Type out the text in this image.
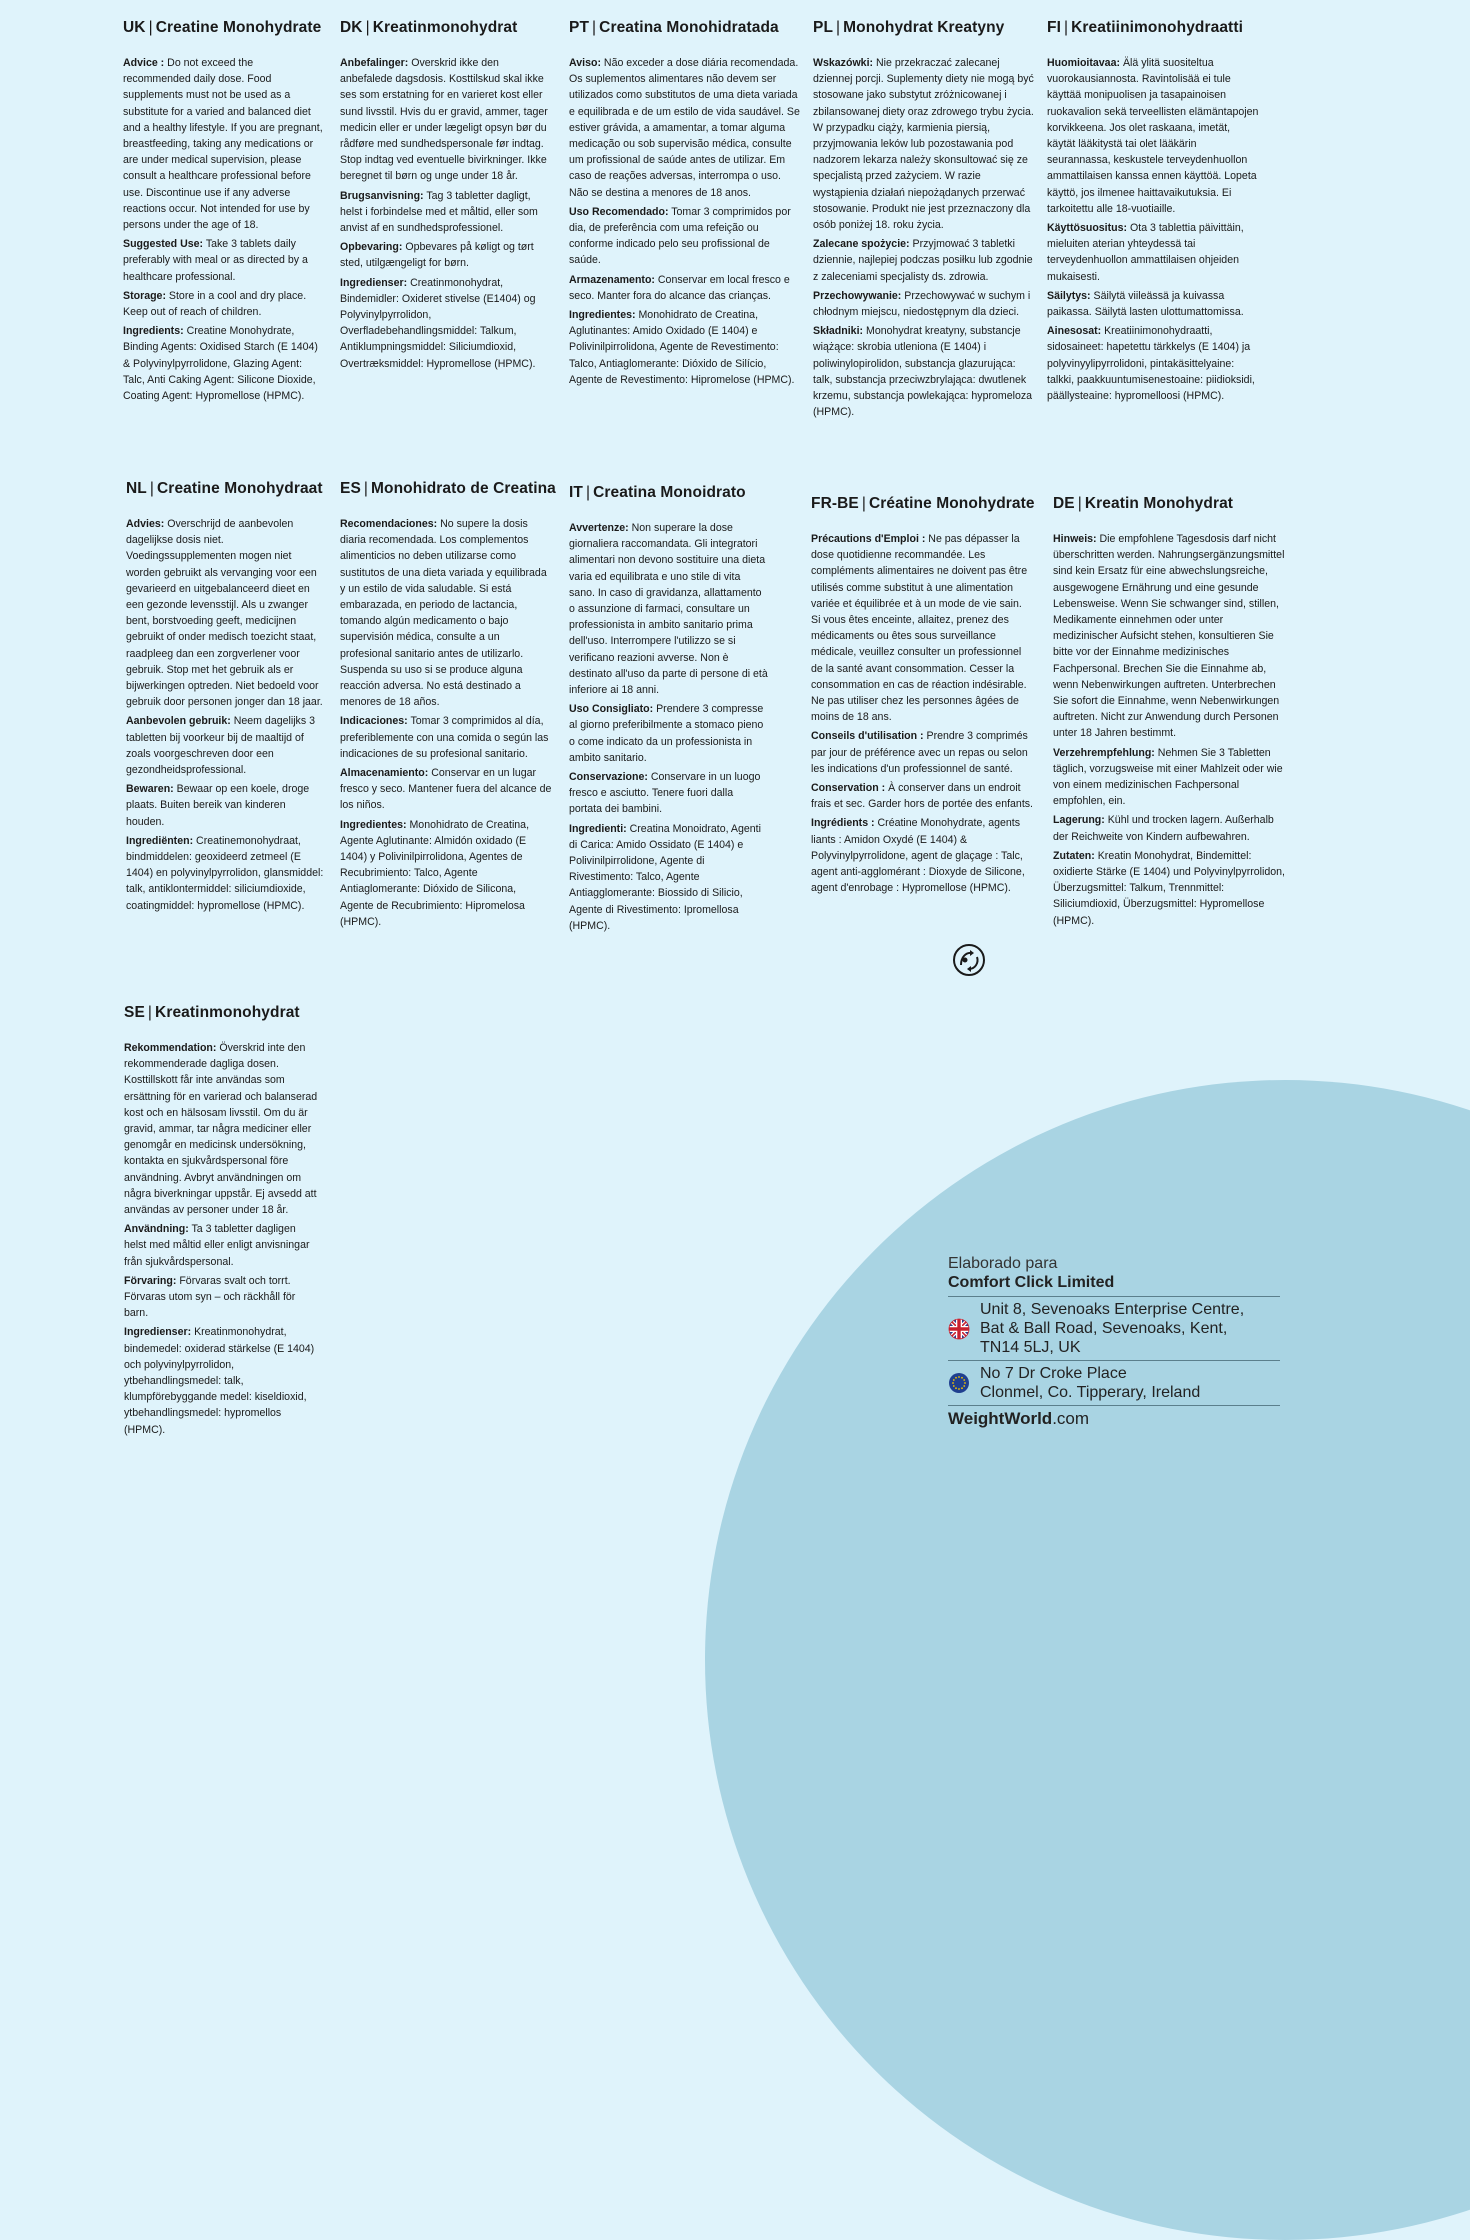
UK | Creatine Monohydrate
Advice : Do not exceed the recommended daily dose. Food supplements must not be used as a substitute for a varied and balanced diet and a healthy lifestyle. If you are pregnant, breastfeeding, taking any medications or are under medical supervision, please consult a healthcare professional before use. Discontinue use if any adverse reactions occur. Not intended for use by persons under the age of 18.
Suggested Use: Take 3 tablets daily preferably with meal or as directed by a healthcare professional.
Storage: Store in a cool and dry place. Keep out of reach of children.
Ingredients: Creatine Monohydrate, Binding Agents: Oxidised Starch (E 1404) & Polyvinylpyrrolidone, Glazing Agent: Talc, Anti Caking Agent: Silicone Dioxide, Coating Agent: Hypromellose (HPMC).
DK | Kreatinmonohydrat
Anbefalinger: Overskrid ikke den anbefalede dagsdosis. Kosttilskud skal ikke ses som erstatning for en varieret kost eller sund livsstil. Hvis du er gravid, ammer, tager medicin eller er under lægeligt opsyn bør du rådføre med sundhedspersonale før indtag. Stop indtag ved eventuelle bivirkninger. Ikke beregnet til børn og unge under 18 år.
Brugsanvisning: Tag 3 tabletter dagligt, helst i forbindelse med et måltid, eller som anvist af en sundhedsprofessionel.
Opbevaring: Opbevares på køligt og tørt sted, utilgængeligt for børn.
Ingredienser: Creatinmonohydrat, Bindemidler: Oxideret stivelse (E1404) og Polyvinylpyrrolidon, Overfladebehandlingsmiddel: Talkum, Antiklumpningsmiddel: Siliciumdioxid, Overtræksmiddel: Hypromellose (HPMC).
PT | Creatina Monohidratada
Aviso: Não exceder a dose diária recomendada. Os suplementos alimentares não devem ser utilizados como substitutos de uma dieta variada e equilibrada e de um estilo de vida saudável. Se estiver grávida, a amamentar, a tomar alguma medicação ou sob supervisão médica, consulte um profissional de saúde antes de utilizar. Em caso de reações adversas, interrompa o uso. Não se destina a menores de 18 anos.
Uso Recomendado: Tomar 3 comprimidos por dia, de preferência com uma refeição ou conforme indicado pelo seu profissional de saúde.
Armazenamento: Conservar em local fresco e seco. Manter fora do alcance das crianças.
Ingredientes: Monohidrato de Creatina, Aglutinantes: Amido Oxidado (E 1404) e Polivinilpirrolidona, Agente de Revestimento: Talco, Antiaglomerante: Dióxido de Silício, Agente de Revestimento: Hipromelose (HPMC).
PL | Monohydrat Kreatyny
Wskazówki: Nie przekraczać zalecanej dziennej porcji. Suplementy diety nie mogą być stosowane jako substytut zróżnicowanej i zbilansowanej diety oraz zdrowego trybu życia. W przypadku ciąży, karmienia piersią, przyjmowania leków lub pozostawania pod nadzorem lekarza należy skonsultować się ze specjalistą przed zażyciem. W razie wystąpienia działań niepożądanych przerwać stosowanie. Produkt nie jest przeznaczony dla osób poniżej 18. roku życia.
Zalecane spożycie: Przyjmować 3 tabletki dziennie, najlepiej podczas posiłku lub zgodnie z zaleceniami specjalisty ds. zdrowia.
Przechowywanie: Przechowywać w suchym i chłodnym miejscu, niedostępnym dla dzieci.
Składniki: Monohydrat kreatyny, substancje wiążące: skrobia utleniona (E 1404) i poliwinylopirolidon, substancja glazurująca: talk, substancja przeciwzbrylająca: dwutlenek krzemu, substancja powlekająca: hypromeloza (HPMC).
FI | Kreatiinimonohydraatti
Huomioitavaa: Älä ylitä suositeltua vuorokausiannosta. Ravintolisää ei tule käyttää monipuolisen ja tasapainoisen ruokavalion sekä terveellisten elämäntapojen korvikkeena. Jos olet raskaana, imetät, käytät lääkitystä tai olet lääkärin seurannassa, keskustele terveydenhuollon ammattilaisen kanssa ennen käyttöä. Lopeta käyttö, jos ilmenee haittavaikutuksia. Ei tarkoitettu alle 18-vuotiaille.
Käyttösuositus: Ota 3 tablettia päivittäin, mieluiten aterian yhteydessä tai terveydenhuollon ammattilaisen ohjeiden mukaisesti.
Säilytys: Säilytä viileässä ja kuivassa paikassa. Säilytä lasten ulottumattomissa.
Ainesosat: Kreatiinimonohydraatti, sidosaineet: hapetettu tärkkelys (E 1404) ja polyvinyylipyrrolidoni, pintakäsittelyaine: talkki, paakkuuntumisenestoaine: piidioksidi, päällysteaine: hypromelloosi (HPMC).
NL | Creatine Monohydraat
Advies: Overschrijd de aanbevolen dagelijkse dosis niet. Voedingssupplementen mogen niet worden gebruikt als vervanging voor een gevarieerd en uitgebalanceerd dieet en een gezonde levensstijl. Als u zwanger bent, borstvoeding geeft, medicijnen gebruikt of onder medisch toezicht staat, raadpleeg dan een zorgverlener voor gebruik. Stop met het gebruik als er bijwerkingen optreden. Niet bedoeld voor gebruik door personen jonger dan 18 jaar.
Aanbevolen gebruik: Neem dagelijks 3 tabletten bij voorkeur bij de maaltijd of zoals voorgeschreven door een gezondheidsprofessional.
Bewaren: Bewaar op een koele, droge plaats. Buiten bereik van kinderen houden.
Ingrediënten: Creatinemonohydraat, bindmiddelen: geoxideerd zetmeel (E 1404) en polyvinylpyrrolidon, glansmiddel: talk, antiklontermiddel: siliciumdioxide, coatingmiddel: hypromellose (HPMC).
ES | Monohidrato de Creatina
Recomendaciones: No supere la dosis diaria recomendada. Los complementos alimenticios no deben utilizarse como sustitutos de una dieta variada y equilibrada y un estilo de vida saludable. Si está embarazada, en periodo de lactancia, tomando algún medicamento o bajo supervisión médica, consulte a un profesional sanitario antes de utilizarlo. Suspenda su uso si se produce alguna reacción adversa. No está destinado a menores de 18 años.
Indicaciones: Tomar 3 comprimidos al día, preferiblemente con una comida o según las indicaciones de su profesional sanitario.
Almacenamiento: Conservar en un lugar fresco y seco. Mantener fuera del alcance de los niños.
Ingredientes: Monohidrato de Creatina, Agente Aglutinante: Almidón oxidado (E 1404) y Polivinilpirrolidona, Agentes de Recubrimiento: Talco, Agente Antiaglomerante: Dióxido de Silicona, Agente de Recubrimiento: Hipromelosa (HPMC).
IT | Creatina Monoidrato
Avvertenze: Non superare la dose giornaliera raccomandata. Gli integratori alimentari non devono sostituire una dieta varia ed equilibrata e uno stile di vita sano. In caso di gravidanza, allattamento o assunzione di farmaci, consultare un professionista in ambito sanitario prima dell'uso. Interrompere l'utilizzo se si verificano reazioni avverse. Non è destinato all'uso da parte di persone di età inferiore ai 18 anni.
Uso Consigliato: Prendere 3 compresse al giorno preferibilmente a stomaco pieno o come indicato da un professionista in ambito sanitario.
Conservazione: Conservare in un luogo fresco e asciutto. Tenere fuori dalla portata dei bambini.
Ingredienti: Creatina Monoidrato, Agenti di Carica: Amido Ossidato (E 1404) e Polivinilpirrolidone, Agente di Rivestimento: Talco, Agente Antiagglomerante: Biossido di Silicio, Agente di Rivestimento: Ipromellosa (HPMC).
FR-BE | Créatine Monohydrate
Précautions d'Emploi : Ne pas dépasser la dose quotidienne recommandée. Les compléments alimentaires ne doivent pas être utilisés comme substitut à une alimentation variée et équilibrée et à un mode de vie sain. Si vous êtes enceinte, allaitez, prenez des médicaments ou êtes sous surveillance médicale, veuillez consulter un professionnel de la santé avant consommation. Cesser la consommation en cas de réaction indésirable. Ne pas utiliser chez les personnes âgées de moins de 18 ans.
Conseils d'utilisation : Prendre 3 comprimés par jour de préférence avec un repas ou selon les indications d'un professionnel de santé.
Conservation : À conserver dans un endroit frais et sec. Garder hors de portée des enfants.
Ingrédients : Créatine Monohydrate, agents liants : Amidon Oxydé (E 1404) & Polyvinylpyrrolidone, agent de glaçage : Talc, agent anti-agglomérant : Dioxyde de Silicone, agent d'enrobage : Hypromellose (HPMC).
DE | Kreatin Monohydrat
Hinweis: Die empfohlene Tagesdosis darf nicht überschritten werden. Nahrungsergänzungsmittel sind kein Ersatz für eine abwechslungsreiche, ausgewogene Ernährung und eine gesunde Lebensweise. Wenn Sie schwanger sind, stillen, Medikamente einnehmen oder unter medizinischer Aufsicht stehen, konsultieren Sie bitte vor der Einnahme medizinisches Fachpersonal. Brechen Sie die Einnahme ab, wenn Nebenwirkungen auftreten. Unterbrechen Sie sofort die Einnahme, wenn Nebenwirkungen auftreten. Nicht zur Anwendung durch Personen unter 18 Jahren bestimmt.
Verzehrempfehlung: Nehmen Sie 3 Tabletten täglich, vorzugsweise mit einer Mahlzeit oder wie von einem medizinischen Fachpersonal empfohlen, ein.
Lagerung: Kühl und trocken lagern. Außerhalb der Reichweite von Kindern aufbewahren.
Zutaten: Kreatin Monohydrat, Bindemittel: oxidierte Stärke (E 1404) und Polyvinylpyrrolidon, Überzugsmittel: Talkum, Trennmittel: Siliciumdioxid, Überzugsmittel: Hypromellose (HPMC).
SE | Kreatinmonohydrat
Rekommendation: Överskrid inte den rekommenderade dagliga dosen. Kosttillskott får inte användas som ersättning för en varierad och balanserad kost och en hälsosam livsstil. Om du är gravid, ammar, tar några mediciner eller genomgår en medicinsk undersökning, kontakta en sjukvårdspersonal före användning. Avbryt användningen om några biverkningar uppstår. Ej avsedd att användas av personer under 18 år.
Användning: Ta 3 tabletter dagligen helst med måltid eller enligt anvisningar från sjukvårdspersonal.
Förvaring: Förvaras svalt och torrt. Förvaras utom syn – och räckhåll för barn.
Ingredienser: Kreatinmonohydrat, bindemedel: oxiderad stärkelse (E 1404) och polyvinylpyrrolidon, ytbehandlingsmedel: talk, klumpförebyggande medel: kiseldioxid, ytbehandlingsmedel: hypromellos (HPMC).
Elaborado para
Comfort Click Limited
Unit 8, Sevenoaks Enterprise Centre,
Bat & Ball Road, Sevenoaks, Kent,
TN14 5LJ, UK
No 7 Dr Croke Place
Clonmel, Co. Tipperary, Ireland
WeightWorld.com
